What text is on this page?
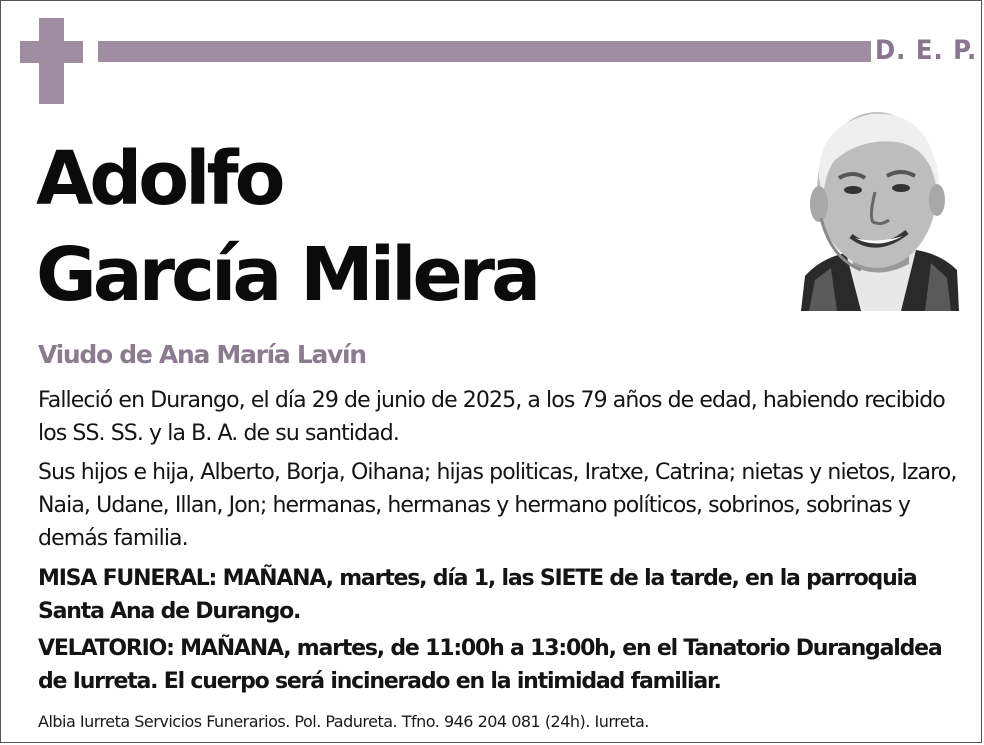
D. E. P.
Adolfo
García Milera
Viudo de Ana María Lavín
Falleció en Durango, el día 29 de junio de 2025, a los 79 años de edad, habiendo recibido los SS. SS. y la B. A. de su santidad.
Sus hijos e hija, Alberto, Borja, Oihana; hijas politicas, Iratxe, Catrina; nietas y nietos, Izaro, Naia, Udane, Illan, Jon; hermanas, hermanas y hermano políticos, sobrinos, sobrinas y demás familia.
MISA FUNERAL: MAÑANA, martes, día 1, las SIETE de la tarde, en la parroquia Santa Ana de Durango.
VELATORIO: MAÑANA, martes, de 11:00h a 13:00h, en el Tanatorio Durangaldea de Iurreta. El cuerpo será incinerado en la intimidad familiar.
Albia Iurreta Servicios Funerarios. Pol. Padureta. Tfno. 946 204 081 (24h). Iurreta.
